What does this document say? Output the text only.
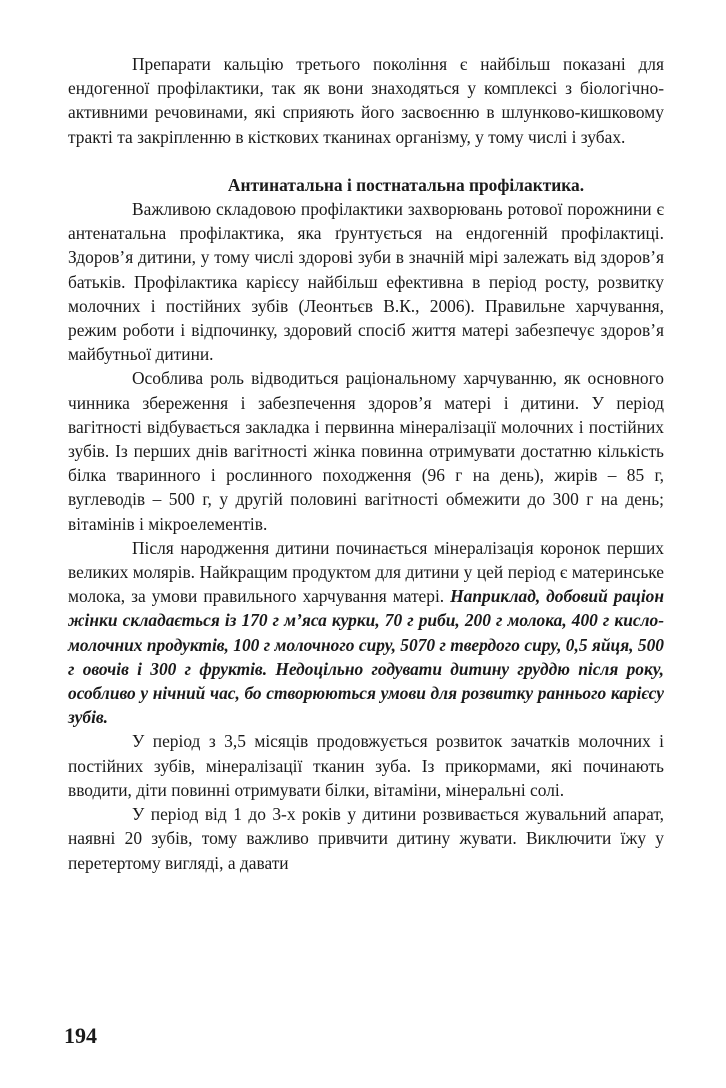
Препарати кальцію третього покоління є найбільш показані для ендогенної профілактики, так як вони знаходяться у комплексі з біологічно-активними речовинами, які сприяють його засвоєнню в шлунково-кишковому тракті та закріпленню в кісткових тканинах організму, у тому числі і зубах.

Антинатальна і постнатальна профілактика.

Важливою складовою профілактики захворювань ротової порожнини є антенатальна профілактика, яка ґрунтується на ендогенній профілактиці. Здоров’я дитини, у тому числі здорові зуби в значній мірі залежать від здоров’я батьків. Профілактика карієсу найбільш ефективна в період росту, розвитку молочних і постійних зубів (Леонтьєв В.К., 2006). Правильне харчування, режим роботи і відпочинку, здоровий спосіб життя матері забезпечує здоров’я майбутньої дитини.

Особлива роль відводиться раціональному харчуванню, як основного чинника збереження і забезпечення здоров’я матері і дитини. У період вагітності відбувається закладка і первинна мінералізації молочних і постійних зубів. Із перших днів вагітності жінка повинна отримувати достатню кількість білка тваринного і рослинного походження (96 г на день), жирів – 85 г, вуглеводів – 500 г, у другій половині вагітності обмежити до 300 г на день; вітамінів і мікроелементів.

Після народження дитини починається мінералізація коронок перших великих молярів. Найкращим продуктом для дитини у цей період є материнське молока, за умови правильного харчування матері. Наприклад, добовий раціон жінки складається із 170 г м’яса курки, 70 г риби, 200 г молока, 400 г кисло-молочних продуктів, 100 г молочного сиру, 5070 г твердого сиру, 0,5 яйця, 500 г овочів і 300 г фруктів. Недоцільно годувати дитину груддю після року, особливо у нічний час, бо створюються умови для розвитку раннього карієсу зубів.

У період з 3,5 місяців продовжується розвиток зачатків молочних і постійних зубів, мінералізації тканин зуба. Із прикормами, які починають вводити, діти повинні отримувати білки, вітаміни, мінеральні солі.

У період від 1 до 3-х років у дитини розвивається жувальний апарат, наявні 20 зубів, тому важливо привчити дитину жувати. Виключити їжу у перетертому вигляді, а давати

194
